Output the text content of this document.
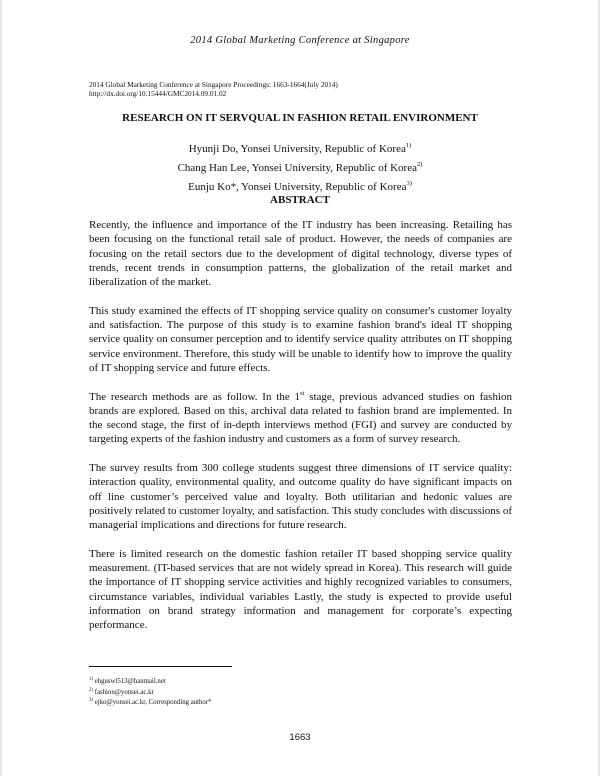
2014 Global Marketing Conference at Singapore
2014 Global Marketing Conference at Singapore Proceedings: 1663-1664(July 2014)
http://dx.doi.org/10.15444/GMC2014.09.01.02
RESEARCH ON IT SERVQUAL IN FASHION RETAIL ENVIRONMENT
Hyunji Do, Yonsei University, Republic of Korea$^{1)}$
Chang Han Lee, Yonsei University, Republic of Korea$^{2)}$
Eunju Ko*, Yonsei University, Republic of Korea$^{3)}$
ABSTRACT

Recently, the influence and importance of the IT industry has been increasing. Retailing has been focusing on the functional retail sale of product. However, the needs of companies are focusing on the retail sectors due to the development of digital technology, diverse types of trends, recent trends in consumption patterns, the globalization of the retail market and liberalization of the market.

This study examined the effects of IT shopping service quality on consumer's customer loyalty and satisfaction. The purpose of this study is to examine fashion brand's ideal IT shopping service quality on consumer perception and to identify service quality attributes on IT shopping service environment. Therefore, this study will be unable to identify how to improve the quality of IT shopping service and future effects.

The research methods are as follow. In the 1st stage, previous advanced studies on fashion brands are explored. Based on this, archival data related to fashion brand are implemented. In the second stage, the first of in-depth interviews method (FGI) and survey are conducted by targeting experts of the fashion industry and customers as a form of survey research.

The survey results from 300 college students suggest three dimensions of IT service quality: interaction quality, environmental quality, and outcome quality do have significant impacts on off line customer’s perceived value and loyalty. Both utilitarian and hedonic values are positively related to customer loyalty, and satisfaction. This study concludes with discussions of managerial implications and directions for future research.

There is limited research on the domestic fashion retailer IT based shopping service quality measurement. (IT-based services that are not widely spread in Korea). This research will guide the importance of IT shopping service activities and highly recognized variables to consumers, circumstance variables, individual variables Lastly, the study is expected to provide useful information on brand strategy information and management for corporate’s expecting performance.

$^{1)}$ ehguswl513@hanmail.net
$^{2)}$ fashion@yonsei.ac.kr
$^{3)}$ ejko@yonsei.ac.kr, Corresponding author*
1663
